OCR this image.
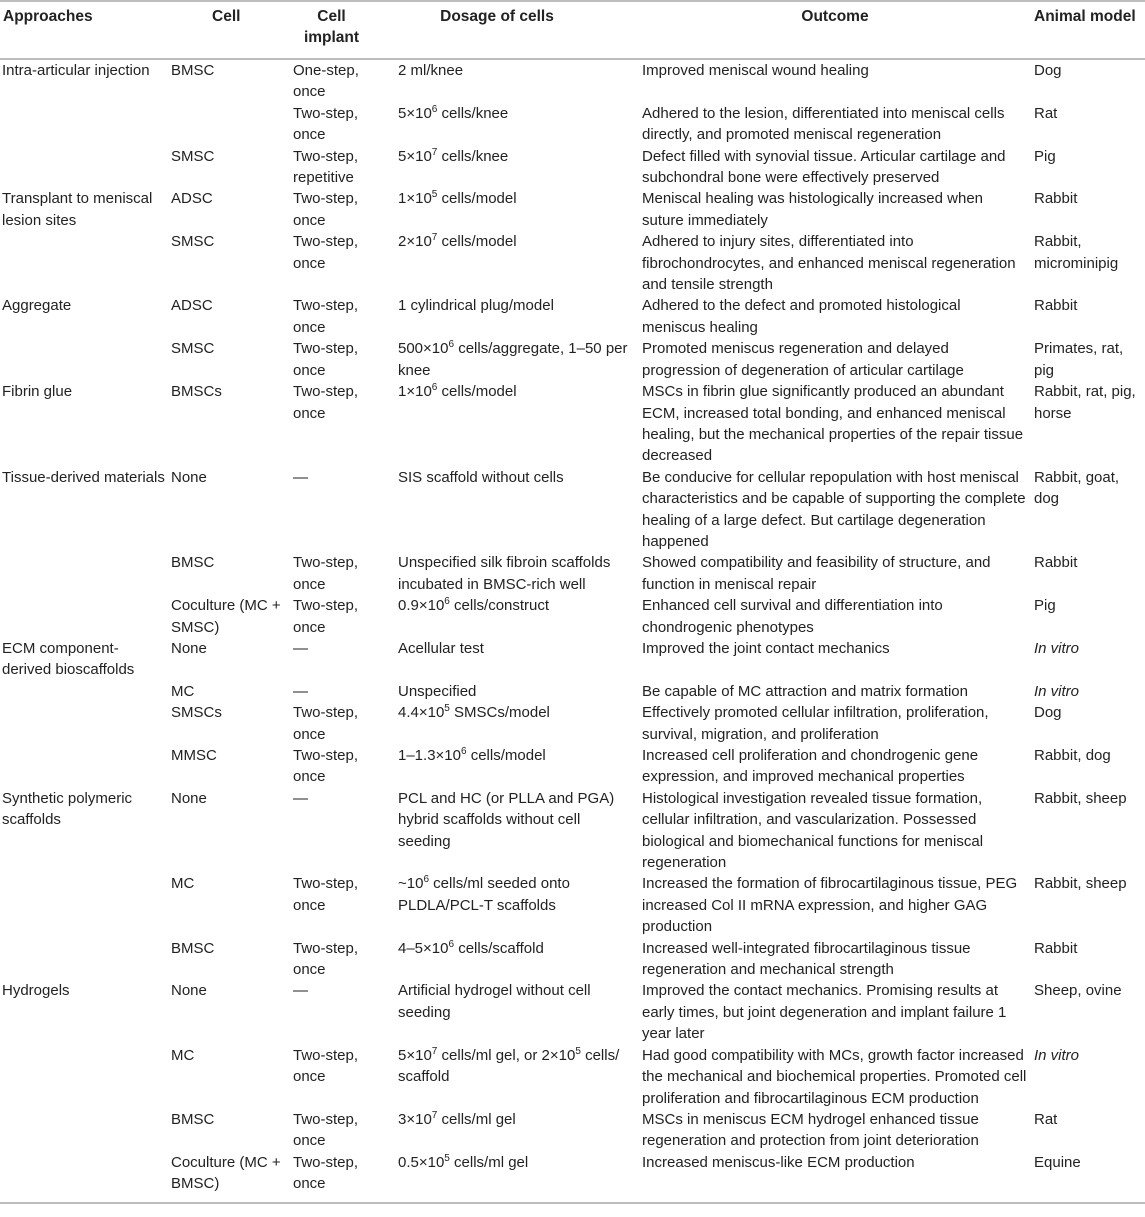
Approaches	Cell	Cell implant	Dosage of cells	Outcome	Animal model
Intra-articular injection	BMSC	One-step, once	2 ml/knee	Improved meniscal wound healing	Dog
		Two-step, once	$5\times 10^6$ cells/knee	Adhered to the lesion, differentiated into meniscal cells directly, and promoted meniscal regeneration	Rat
	SMSC	Two-step, repetitive	$5\times 10^7$ cells/knee	Defect filled with synovial tissue. Articular cartilage and subchondral bone were effectively preserved	Pig
Transplant to meniscal lesion sites	ADSC	Two-step, once	$1\times 10^5$ cells/model	Meniscal healing was histologically increased when suture immediately	Rabbit
	SMSC	Two-step, once	$2\times 10^7$ cells/model	Adhered to injury sites, differentiated into fibrochondrocytes, and enhanced meniscal regeneration and tensile strength	Rabbit, microminipig
Aggregate	ADSC	Two-step, once	1 cylindrical plug/model	Adhered to the defect and promoted histological meniscus healing	Rabbit
	SMSC	Two-step, once	$500\times 10^6$ cells/aggregate, 1–50 per knee	Promoted meniscus regeneration and delayed progression of degeneration of articular cartilage	Primates, rat, pig
Fibrin glue	BMSCs	Two-step, once	$1\times 10^6$ cells/model	MSCs in fibrin glue significantly produced an abundant ECM, increased total bonding, and enhanced meniscal healing, but the mechanical properties of the repair tissue decreased	Rabbit, rat, pig, horse
Tissue-derived materials	None	—	SIS scaffold without cells	Be conducive for cellular repopulation with host meniscal characteristics and be capable of supporting the complete healing of a large defect. But cartilage degeneration happened	Rabbit, goat, dog
	BMSC	Two-step, once	Unspecified silk fibroin scaffolds incubated in BMSC-rich well	Showed compatibility and feasibility of structure, and function in meniscal repair	Rabbit
	Coculture (MC + SMSC)	Two-step, once	$0.9\times 10^6$ cells/construct	Enhanced cell survival and differentiation into chondrogenic phenotypes	Pig
ECM component-derived bioscaffolds	None	—	Acellular test	Improved the joint contact mechanics	In vitro
	MC	—	Unspecified	Be capable of MC attraction and matrix formation	In vitro
	SMSCs	Two-step, once	$4.4\times 10^5$ SMSCs/model	Effectively promoted cellular infiltration, proliferation, survival, migration, and proliferation	Dog
	MMSC	Two-step, once	$1-1.3\times 10^6$ cells/model	Increased cell proliferation and chondrogenic gene expression, and improved mechanical properties	Rabbit, dog
Synthetic polymeric scaffolds	None	—	PCL and HC (or PLLA and PGA) hybrid scaffolds without cell seeding	Histological investigation revealed tissue formation, cellular infiltration, and vascularization. Possessed biological and biomechanical functions for meniscal regeneration	Rabbit, sheep
	MC	Two-step, once	$\sim 10^6$ cells/ml seeded onto PLDLA/PCL-T scaffolds	Increased the formation of fibrocartilaginous tissue, PEG increased Col II mRNA expression, and higher GAG production	Rabbit, sheep
	BMSC	Two-step, once	$4-5\times 10^6$ cells/scaffold	Increased well-integrated fibrocartilaginous tissue regeneration and mechanical strength	Rabbit
Hydrogels	None	—	Artificial hydrogel without cell seeding	Improved the contact mechanics. Promising results at early times, but joint degeneration and implant failure 1 year later	Sheep, ovine
	MC	Two-step, once	$5\times 10^7$ cells/ml gel, or $2\times 10^5$ cells/ scaffold	Had good compatibility with MCs, growth factor increased the mechanical and biochemical properties. Promoted cell proliferation and fibrocartilaginous ECM production	In vitro
	BMSC	Two-step, once	$3\times 10^7$ cells/ml gel	MSCs in meniscus ECM hydrogel enhanced tissue regeneration and protection from joint deterioration	Rat
	Coculture (MC + BMSC)	Two-step, once	$0.5\times 10^5$ cells/ml gel	Increased meniscus-like ECM production	Equine
